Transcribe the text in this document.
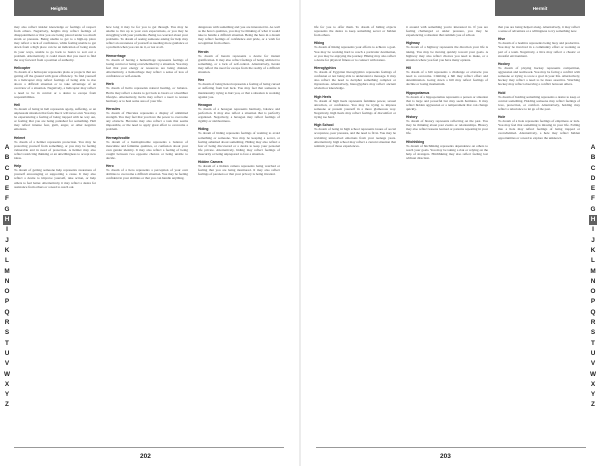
Heights

may also reflect insider knowledge or feelings of respect from others. Negatively, heights may reflect feelings of disappointment or that you are being placed under too much strain or pressure. Being unable to get to a high-up place may reflect a lack of confidence, while feeling unable to get down from a high place can be an indication of being stuck in your ways, unable to go back to basics to sort out a problem. Alternatively, it could mean that you need to find the way forward from a position of authority.

Helicopter
To dream of a helicopter represents plans or projects that are getting off the ground with great efficiency. To find yourself in a helicopter may reflect feelings of being able to rise above a difficult situation or to take advantage of an overview of a situation. Negatively, a helicopter may reflect a need to be in control or a desire to escape from responsibilities.

Hell
To dream of being in hell represents agony, suffering, or an unpleasant situation that feels like it will never end. You may be experiencing a feeling of being trapped with no way out, or feeling that you are being punished for something. Hell may reflect intense fear, guilt, anger, or other negative emotions.

Helmet
To dream of a helmet represents protection. You may be protecting yourself from something, or you may be feeling vulnerable and in need of protection. A helmet may also reflect restricting thinking or an unwillingness to accept new ideas.

Help
To dream of getting someone help represents awareness of yourself encouraging or supporting a cause. It may also reflect a desire to improve yourself, take action, or help others to feel better. Alternatively, it may reflect a desire for assistance from others or a need to reach out.

how long it may be for you to get through. You may be unable to live up to your own expectations, or you may be struggling with your problems. Being too worried about your problems. To dream of seeing someone asking for help may reflect an awareness of yourself as needing more guidance or a problem when you can do it, or not at all.

Hemorrhage
To dream of having a hemorrhage represents feelings of losing control or being overwhelmed by a situation. You may feel that your energy or resources are being drained. Alternatively, a hemorrhage may reflect a sense of loss of confidence or self-esteem.

Herb
To dream of herbs represents natural healing, or balance. Herbs may reflect a desire to get back to basics or a healthier lifestyle. Alternatively, herbs may reflect a need to restore harmony or to heal some area of your life.

Hercules
To dream of Hercules represents a display of unlimited strength. You may feel that you have the power to overcome any obstacle. Hercules may also reflect a task that seems impossible, or the need to apply great effort to overcome a problem.

Hermaphrodite
To dream of a hermaphrodite represents a balance of masculine and feminine qualities, or confusion about your own gender identity. It may also reflect a feeling of being caught between two opposite choices or being unable to decide.

Hero
To dream of a hero represents a perception of your own abilities to overcome a difficult situation. You may be feeling confident in your abilities or that you can handle anything.

dangerous with something and you are interested in. As well as the hero's qualities, you may be thinking of what it would take to handle a difficult situation. Being the hero in a dream may reflect feelings of confidence and pride, or a wish for recognition from others.

Heroin
To dream of heroin represents a desire for instant gratification. It may also reflect feelings of being addicted to something, or a lack of self-control. Alternatively, heroin may reflect the need for escape from the reality of a difficult situation.

Hex
To dream of being hexed represents a feeling of being cursed or suffering from bad luck. You may feel that someone is intentionally trying to hurt you, or that a situation is working against you.

Hexagon
To dream of a hexagon represents harmony, balance and perfection. It may also reflect a situation that is perfectly organized. Negatively, a hexagon may reflect feelings of rigidity or stubbornness.

Hiding
To dream of hiding represents feelings of wanting to avoid something or someone. You may be keeping a secret, or feeling ashamed about something. Hiding may also reflect a fear of being discovered or a desire to keep your personal life private. Alternatively, hiding may reflect feelings of insecurity or being unprepared to face a situation.

Hidden Camera
To dream of a hidden camera represents being watched or feeling that you are being monitored. It may also reflect feelings of paranoia or that your privacy is being invaded.

A
B
C
D
E
F
G
H
I
J
K
L
M
N
O
P
Q
R
S
T
U
V
W
X
Y
Z
202
Hermit

life for you to offer them. To dream of hiding objects represents the desire to keep something secret or hidden from others.

Hiking
To dream of hiking represents your efforts to achieve a goal. You may be working hard to reach a particular destination, or you may be enjoying the journey. Hiking may also reflect a desire for physical fitness or to connect with nature.

Hieroglyphics
To dream of Egyptian hieroglyphics represents feelings of confusion or not being able to understand a message. It may also reflect the need to decipher something complex or mysterious. Alternatively, hieroglyphics may reflect ancient wisdom or knowledge.

High Heels
To dream of high heels represents feminine power, sexual attraction, or confidence. You may be trying to impress someone or present yourself in a more glamorous way. Negatively, high heels may reflect feelings of discomfort or trying too hard.

High School
To dream of being in high school represents issues of social acceptance, peer pressure, and the need to fit in. You may be revisiting unresolved emotions from your teenage years. Alternatively, high school may reflect a current situation that reminds you of those experiences.

it around with something you're interested in. If you are feeling challenged or under pressure, you may be experiencing a situation that reminds you of school.

Highway
To dream of a highway represents the direction your life is taking. You may be moving quickly toward your goals. A highway may also reflect choices you need to make, or a situation where you feel you have many options.

Hill
To dream of a hill represents a challenge or obstacle you need to overcome. Climbing a hill may reflect effort and determination. Going down a hill may reflect feelings of decline or losing momentum.

Hippopotamus
To dream of a hippopotamus represents a person or situation that is large and powerful but may seem harmless. It may reflect hidden aggression or a temperament that can change quickly.

History
To dream of history represents reflecting on the past. You may be thinking about past events or relationships. History may also reflect lessons learned or patterns repeating in your life.

Hitchhiking
To dream of hitchhiking represents dependence on others to reach your goals. You may be taking a risk or relying on the help of strangers. Hitchhiking may also reflect feeling lost without direction.

that you are being helped along. Alternatively, it may reflect a sense of adventure or a willingness to try something new.

Hive
To dream of a beehive represents being busy and productive. You may be involved in a community effort or working as part of a team. Negatively, a hive may reflect a chaotic or stressful environment.

Hockey
To dream of playing hockey represents competition, aggression and teamwork. You may be facing a conflict with someone or trying to score a goal in your life. Alternatively, hockey may reflect a need to be more assertive. Watching hockey may reflect observing a conflict between others.

Hold
To dream of holding something represents a desire to keep or control something. Holding someone may reflect feelings of love, protection, or comfort. Alternatively, holding may reflect a reluctance to let go of the past.

Hole
To dream of a hole represents feelings of emptiness or lack. You may feel that something is missing in your life. Falling into a hole may reflect feelings of being trapped or overwhelmed. Alternatively, a hole may reflect hidden opportunities or a need to explore the unknown.

A
B
C
D
E
F
G
H
I
J
K
L
M
N
O
P
Q
R
S
T
U
V
W
X
Y
Z
203
